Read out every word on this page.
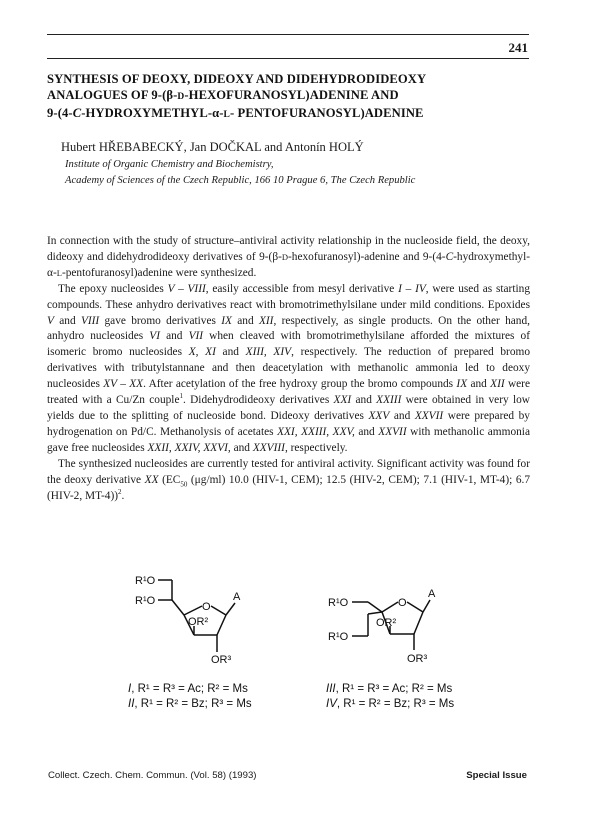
241
SYNTHESIS OF DEOXY, DIDEOXY AND DIDEHYDRODIDEOXY
ANALOGUES OF 9-(β-D-HEXOFURANOSYL)ADENINE AND
9-(4-C-HYDROXYMETHYL-α-L- PENTOFURANOSYL)ADENINE
Hubert HŘEBABECKÝ, Jan DOČKAL and Antonín HOLÝ
Institute of Organic Chemistry and Biochemistry,
Academy of Sciences of the Czech Republic, 166 10 Prague 6, The Czech Republic

In connection with the study of structure–antiviral activity relationship in the nucleoside field, the deoxy, dideoxy and didehydrodideoxy derivatives of 9-(β-D-hexofuranosyl)-adenine and 9-(4-C-hydroxymethyl-α-L-pentofuranosyl)adenine were synthesized.

The epoxy nucleosides V – VIII, easily accessible from mesyl derivative I – IV, were used as starting compounds. These anhydro derivatives react with bromotrimethylsilane under mild conditions. Epoxides V and VIII gave bromo derivatives IX and XII, respectively, as single products. On the other hand, anhydro nucleosides VI and VII when cleaved with bromotrimethylsilane afforded the mixtures of isomeric bromo nucleosides X, XI and XIII, XIV, respectively. The reduction of prepared bromo derivatives with tributylstannane and then deacetylation with methanolic ammonia led to deoxy nucleosides XV – XX. After acetylation of the free hydroxy group the bromo compounds IX and XII were treated with a Cu/Zn couple$^1$. Didehydrodideoxy derivatives XXI and XXIII were obtained in very low yields due to the splitting of nucleoside bond. Dideoxy derivatives XXV and XXVII were prepared by hydrogenation on Pd/C. Methanolysis of acetates XXI, XXIII, XXV, and XXVII with methanolic ammonia gave free nucleosides XXII, XXIV, XXVI, and XXVIII, respectively.

The synthesized nucleosides are currently tested for antiviral activity. Significant activity was found for the deoxy derivative XX ($EC_{50}$ (μg/ml) 10.0 (HIV-1, CEM); 12.5 (HIV-2, CEM); 7.1 (HIV-1, MT-4); 6.7 (HIV-2, MT-4))$^2$.

R¹O
R¹O	O
A
OR²
OR³
R¹O
R¹O
O
A
OR²
OR³
I, R¹ = R³ = Ac; R² = Ms
II, R¹ = R² = Bz; R³ = Ms
III, R¹ = R³ = Ac; R² = Ms
IV, R¹ = R² = Bz; R³ = Ms
Collect. Czech. Chem. Commun. (Vol. 58) (1993)	Special Issue
